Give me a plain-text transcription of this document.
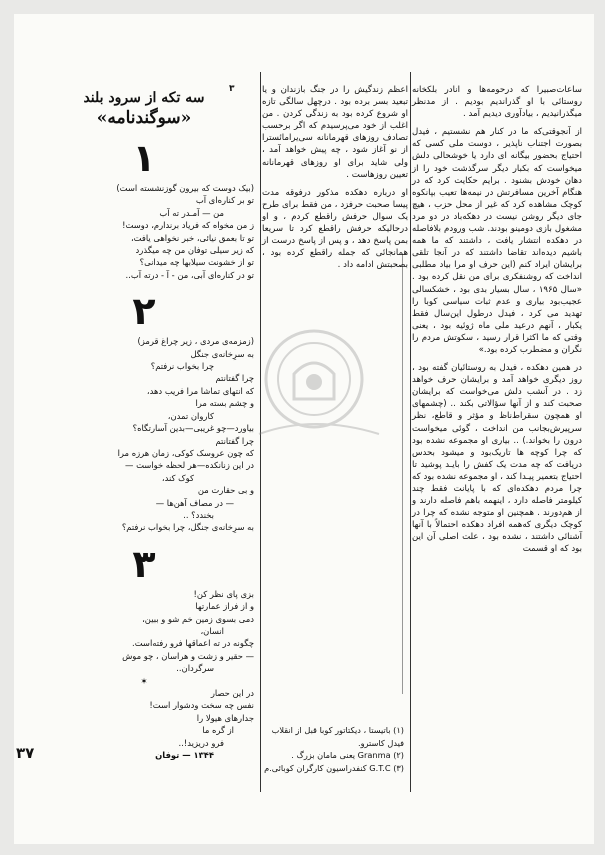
۳
سه تکه از سرود بلند
«سوگندنامه»
۱
(بیک دوست که بیرون گوزنشسته است)
تو بر کناره‌ای آب
من — آمـدر ته آب
ز من مخواه که فریاد برندارم، دوست!
تو تا بعمق نیائی، خبر نخواهی یافت،
که زیر سیلی توفان من چه میگذرد
تو از خشونت سیلابها چه میدانی؟
تو در کناره‌ای آبی، من - آ - درته آب..
۲
(زمزمه‌ی مردی ، زیر چراغ قرمز)
به سرِخانه‌ی جنگل
چرا بخواب نرفتم؟
چرا گفتانتم
که انتهای تماشا مرا فریب دهد،
و چشم بسته مرا
کاروان تمدن،
بیاورد—چو غریبی—بدین آسارتگاه؟
چرا گفتانتم
که چون عروسک کوکی، زمان هرزه مرا
در این زنانکده—هر لحظه خواست —
کوک کند،
و بی حقارت من
— در مصاف آهن‌ها —
بخندد؟ ..
به سرِخانه‌ی جنگل، چرا بخواب نرفتم؟
۳
بزی پای نظر کن!
و از فراز عمارتها
دمی بسوی زمین خم شو و ببین،
انسان،
چگونه در ته اعماقها فرو رفته‌است.
— حقیر و زشت و هراسان ، چو موش
سرگردان..
✶
در این حصار
نفس چه سخت ودشوار است!
جدارهای هیولا را
از گره ما
فرو دریزید!..
۱۳۴۴ — توفان

اعظم زندگیش را در جنگ بازندان و یا تبعید بسر برده بود . درچهل سالگی تازه او شروع کرده بود به زندگی کردن . من اغلب از خود می‌پرسیدم که اگر برحسب تصادف روزهای قهرمانانه سی‌یرامائسترا از نو آغاز شود ، چه پیش خواهد آمد ، ولی شاید برای او روزهای قهرمانانه تعیین روزهاست .

او درباره دهکده مذکور درفوقه مدت پیسا صحبت حرفزد ، من فقط برای طرح یک سوال حرفش راقطع کردم ، و او درحالیکه حرفش راقطع کرد تا سریعا بمن پاسخ دهد ، و پس از پاسخ درست از همانجائی که جمله راقطع کرده بود ، بصحبتش ادامه داد .

ساعات‌صبیرا که درحومه‌ها و انادر بلکخانه روستائی با او گذراندیم بودیم . از مدنظر میگذرانیدیم ، بیادآوری دیدیم آمد .

از آنجوقتی‌که ما در کنار هم نشستیم ، فیدل بصورت اجتناب ناپذیر ، دوست ملی کسی که احتیاج بحضور بیگانه ای دارد یا خوشحالی دلش میخواست که بکبار دیگر سرگذشت خود را از دهان خودش بشنود . برایم حکایت کرد که در هنگام آخرین مسافرتش در نیمه‌ها تعیب بپانکوه کوچک مشاهده کرد که غیر از محل حزب ، هیچ جای دیگر روشن نیست در دهکه‌باد در دو مرد مشغول بازی دومینو بودند. شب ورودم بلافاصله در دهکده انتشار یافت ، داشتند که ما همه باشیم دیده‌اند تقاضا داشتند که در آنجا تلقی برایشان ایراد کنم (این حرف او مرا بیاد مطلبی انداخت که روشنفکری برای من نقل کرده بود . «سال ۱۹۶۵ ، سال بسیار بدی بود ، خشکسالی عجیب‌بود بیاری و عدم ثبات سیاسی کوبا را تهدید می کرد ، فیدل درطول این‌سال فقط یکبار ، آنهم درعید ملی ماه ژوئیه بود ، یعنی وقتی که ما اکثرا قرار رسید ، سکوتش مردم را نگران و مضطرب کرده بود.»

در همین دهکده ، فیدل به روستائیان گفته بود ، روز دیگری خواهد آمد و برایشان حرف خواهد زد . در آنشب دلش می‌خواست که برایشان صحبت کند و از آنها سؤالاتی بکند .. (چشمهای او همچون سقراط‌ناظ و مؤثر و قاطع، نظر سرپیرش‌بجانب من انداخت ، گوئی میخواست درون را بخواند.) .. بیاری او مجموعه نشده بود که چرا کوچه ها تاریک‌بود و میشود بحدس دریافت که چه مدت یک کفش را بایـد پوشید تا احتیاج بتعمیر پیـدا کند ، او مجموعه نشده بود که چرا مردم دهکده‌ای که با پایانت فقط چند کیلومتر فاصله دارد ، اینهمه باهم فاصله دارند و از هم‌دورند . همچنین او متوجه نشده که چرا در کوچک دیگری که‌همه افراد دهکده احتمالاً با آنها آشنائی داشتند ، نشده بود ، علت اصلی آن این بود که او قسمت

(۱) باتیستا ، دیکتاتور کوبا قبل از انقلاب فیدل کاسترو.
(۲) Granma یعنی مامان بزرگ .
(۳) G.T.C کنفدراسیون کارگران کوبائی.م
۳۷
